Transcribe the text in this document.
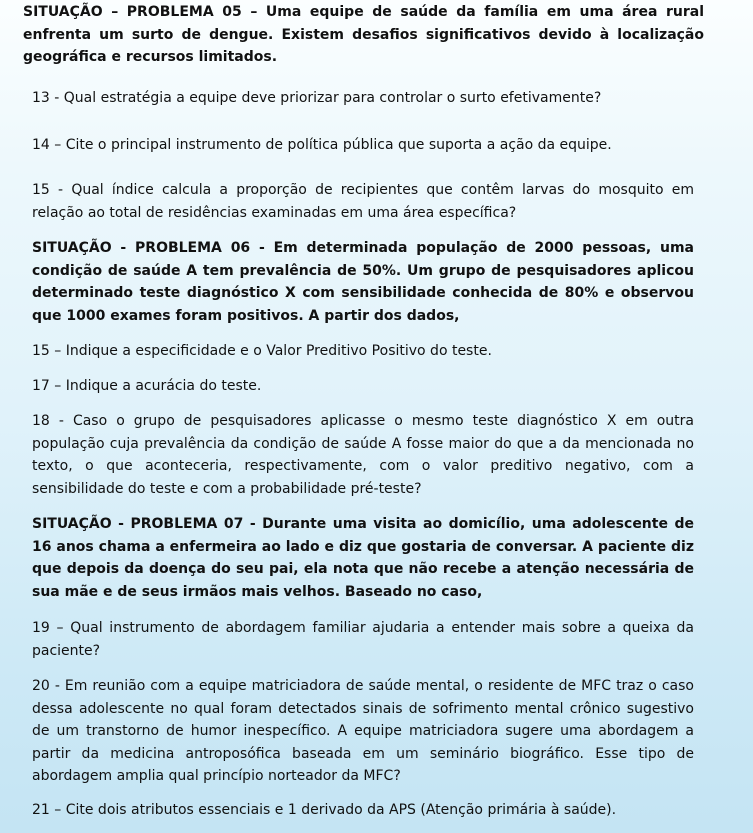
SITUAÇÃO – PROBLEMA 05 – Uma equipe de saúde da família em uma área rural enfrenta um surto de dengue. Existem desafios significativos devido à localização geográfica e recursos limitados.

13 - Qual estratégia a equipe deve priorizar para controlar o surto efetivamente?

14 – Cite o principal instrumento de política pública que suporta a ação da equipe.

15 - Qual índice calcula a proporção de recipientes que contêm larvas do mosquito em relação ao total de residências examinadas em uma área específica?

SITUAÇÃO - PROBLEMA 06 - Em determinada população de 2000 pessoas, uma condição de saúde A tem prevalência de 50%. Um grupo de pesquisadores aplicou determinado teste diagnóstico X com sensibilidade conhecida de 80% e observou que 1000 exames foram positivos. A partir dos dados,

15 – Indique a especificidade e o Valor Preditivo Positivo do teste.

17 – Indique a acurácia do teste.

18 - Caso o grupo de pesquisadores aplicasse o mesmo teste diagnóstico X em outra população cuja prevalência da condição de saúde A fosse maior do que a da mencionada no texto, o que aconteceria, respectivamente, com o valor preditivo negativo, com a sensibilidade do teste e com a probabilidade pré-teste?

SITUAÇÃO - PROBLEMA 07 - Durante uma visita ao domicílio, uma adolescente de 16 anos chama a enfermeira ao lado e diz que gostaria de conversar. A paciente diz que depois da doença do seu pai, ela nota que não recebe a atenção necessária de sua mãe e de seus irmãos mais velhos. Baseado no caso,

19 – Qual instrumento de abordagem familiar ajudaria a entender mais sobre a queixa da paciente?

20 - Em reunião com a equipe matriciadora de saúde mental, o residente de MFC traz o caso dessa adolescente no qual foram detectados sinais de sofrimento mental crônico sugestivo de um transtorno de humor inespecífico. A equipe matriciadora sugere uma abordagem a partir da medicina antroposófica baseada em um seminário biográfico. Esse tipo de abordagem amplia qual princípio norteador da MFC?

21 – Cite dois atributos essenciais e 1 derivado da APS (Atenção primária à saúde).
